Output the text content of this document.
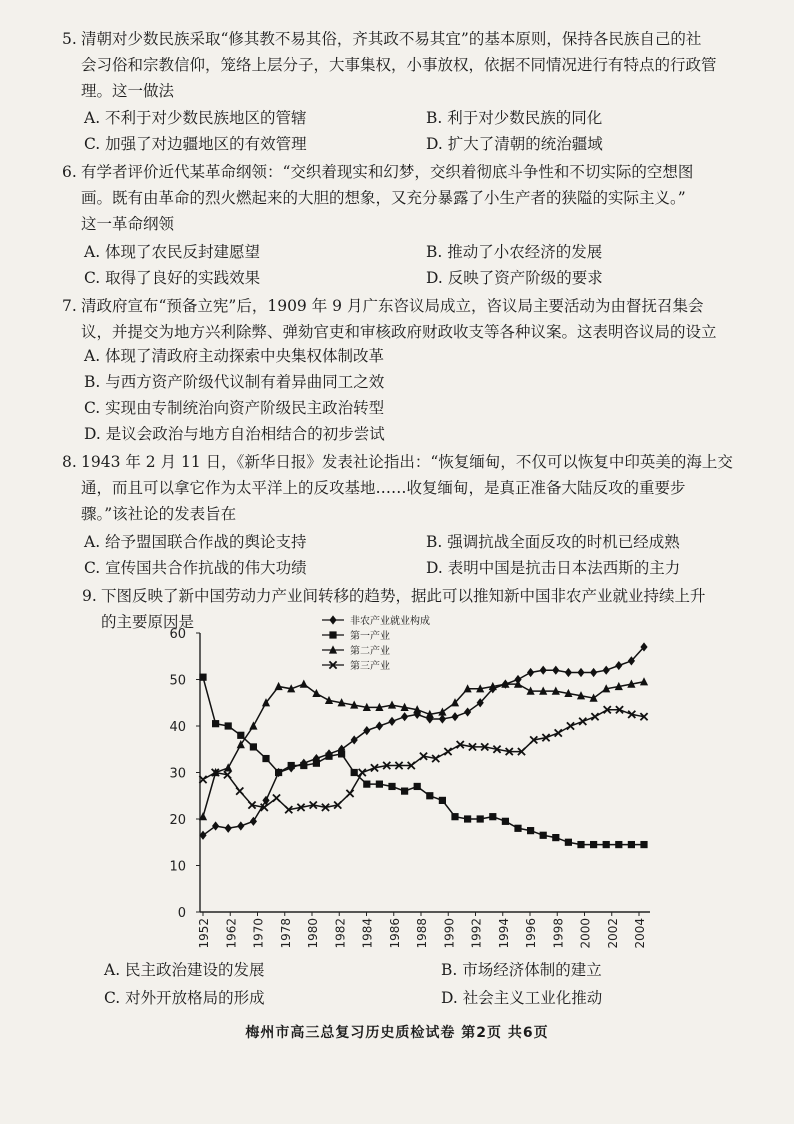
5. 清朝对少数民族采取“修其教不易其俗，齐其政不易其宜”的基本原则，保持各民族自己的社
会习俗和宗教信仰，笼络上层分子，大事集权，小事放权，依据不同情况进行有特点的行政管
理。这一做法
A. 不利于对少数民族地区的管辖	B. 利于对少数民族的同化
C. 加强了对边疆地区的有效管理	D. 扩大了清朝的统治疆域
6. 有学者评价近代某革命纲领：“交织着现实和幻梦，交织着彻底斗争性和不切实际的空想图
画。既有由革命的烈火燃起来的大胆的想象，又充分暴露了小生产者的狭隘的实际主义。”
这一革命纲领
A. 体现了农民反封建愿望	B. 推动了小农经济的发展
C. 取得了良好的实践效果	D. 反映了资产阶级的要求
7. 清政府宣布“预备立宪”后，1909 年 9 月广东咨议局成立，咨议局主要活动为由督抚召集会
议，并提交为地方兴利除弊、弹劾官吏和审核政府财政收支等各种议案。这表明咨议局的设立
A. 体现了清政府主动探索中央集权体制改革
B. 与西方资产阶级代议制有着异曲同工之效
C. 实现由专制统治向资产阶级民主政治转型
D. 是议会政治与地方自治相结合的初步尝试
8. 1943 年 2 月 11 日，《新华日报》发表社论指出：“恢复缅甸，不仅可以恢复中印英美的海上交
通，而且可以拿它作为太平洋上的反攻基地……收复缅甸，是真正准备大陆反攻的重要步
骤。”该社论的发表旨在
A. 给予盟国联合作战的舆论支持	B. 强调抗战全面反攻的时机已经成熟
C. 宣传国共合作抗战的伟大功绩	D. 表明中国是抗击日本法西斯的主力
9. 下图反映了新中国劳动力产业间转移的趋势，据此可以推知新中国非农产业就业持续上升
的主要原因是
0
10
20
30
40
50
60
1952 1962 1970 1978 1980 1982 1984 1986 1988 1990 1992 1994 1996 1998 2000 2002 2004
非农产业就业构成
第一产业
第二产业
第三产业
A. 民主政治建设的发展	B. 市场经济体制的建立
C. 对外开放格局的形成	D. 社会主义工业化推动
梅州市高三总复习历史质检试卷 第2页 共6页
